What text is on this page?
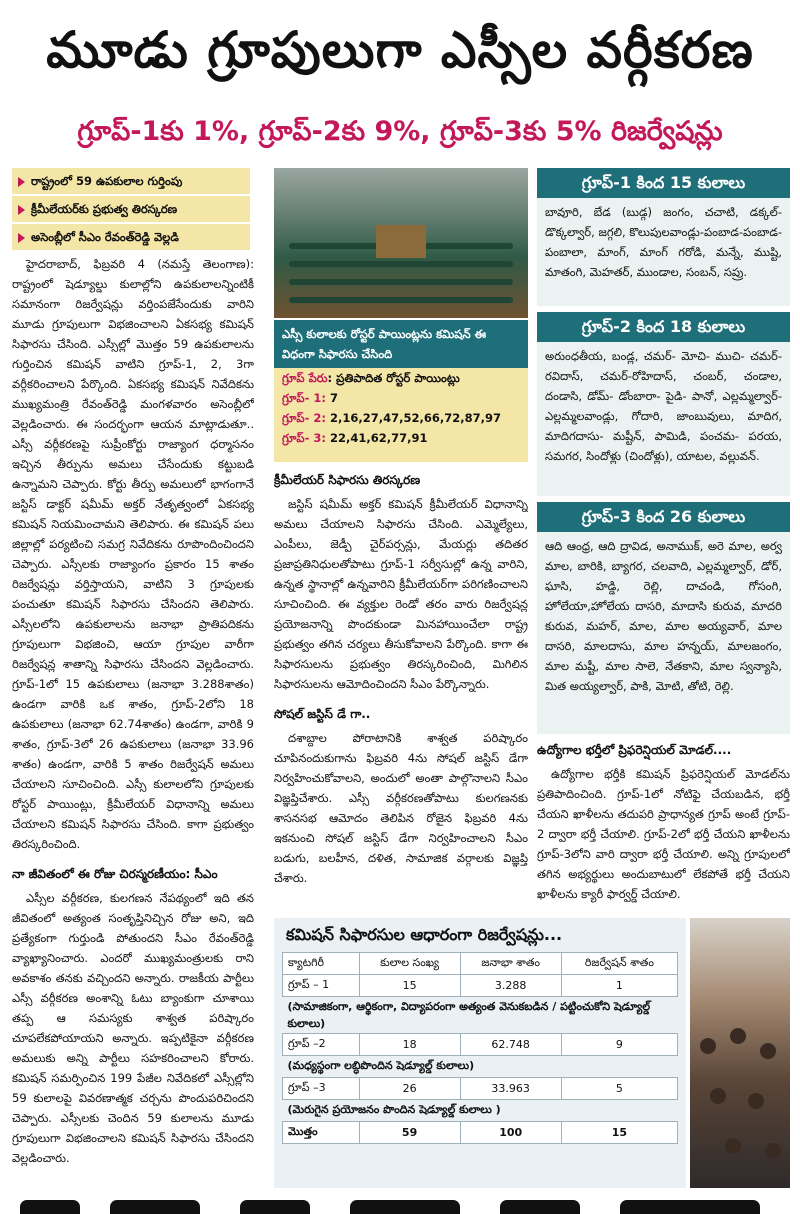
మూడు గ్రూపులుగా ఎస్సీల వర్గీకరణ
గ్రూప్-1కు 1%, గ్రూప్-2కు 9%, గ్రూప్-3కు 5% రిజర్వేషన్లు
రాష్ట్రంలో 59 ఉపకులాల గుర్తింపు
క్రీమీలేయర్‌కు ప్రభుత్వ తిరస్కరణ
అసెంబ్లీలో సీఎం రేవంత్‌రెడ్డి వెల్లడి

హైదరాబాద్, ఫిబ్రవరి 4 (నమస్తే తెలంగాణ): రాష్ట్రంలో షెడ్యూల్డు కులాల్లోని ఉపకులాలన్నింటికీ సమానంగా రిజర్వేషన్లు వర్తింపజేసేందుకు వారిని మూడు గ్రూపులుగా విభజించాలని ఏకసభ్య కమిషన్ సిఫారసు చేసింది. ఎస్సీల్లో మొత్తం 59 ఉపకులాలను గుర్తించిన కమిషన్ వాటిని గ్రూప్-1, 2, 3గా వర్గీకరించాలని పేర్కొంది. ఏకసభ్య కమిషన్ నివేదికను ముఖ్యమంత్రి రేవంత్‌రెడ్డి మంగళవారం అసెంబ్లీలో వెల్లడించారు. ఈ సందర్భంగా ఆయన మాట్లాడుతూ.. ఎస్సీ వర్గీకరణపై సుప్రీంకోర్టు రాజ్యాంగ ధర్మాసనం ఇచ్చిన తీర్పును అమలు చేసేందుకు కట్టుబడి ఉన్నామని చెప్పారు. కోర్టు తీర్పు అమలులో భాగంగానే జస్టిస్ డాక్టర్ షమీమ్ అక్తర్ నేతృత్వంలో ఏకసభ్య కమిషన్ నియమించామని తెలిపారు. ఈ కమిషన్ పలు జిల్లాల్లో పర్యటించి సమగ్ర నివేదికను రూపొందించిందని చెప్పారు. ఎస్సీలకు రాజ్యాంగం ప్రకారం 15 శాతం రిజర్వేషన్లు వర్తిస్తాయని, వాటిని 3 గ్రూపులకు పంచుతూ కమిషన్ సిఫారసు చేసిందని తెలిపారు. ఎస్సీలలోని ఉపకులాలను జనాభా ప్రాతిపదికను గ్రూపులుగా విభజించి, ఆయా గ్రూపుల వారీగా రిజర్వేషన్ల శాతాన్ని సిఫారసు చేసిందని వెల్లడించారు. గ్రూప్-1లో 15 ఉపకులాలు (జనాభా 3.288శాతం) ఉండగా వారికి ఒక శాతం, గ్రూప్-2లోని 18 ఉపకులాలు (జనాభా 62.74శాతం) ఉండగా, వారికి 9 శాతం, గ్రూప్-3లో 26 ఉపకులాలు (జనాభా 33.96 శాతం) ఉండగా, వారికి 5 శాతం రిజర్వేషన్ అమలు చేయాలని సూచించింది. ఎస్సీ కులాలలోని గ్రూపులకు రోస్టర్ పాయింట్లు, క్రీమీలేయర్ విధానాన్ని అమలు చేయాలని కమిషన్ సిఫారసు చేసింది. కాగా ప్రభుత్వం తిరస్కరించింది.

నా జీవితంలో ఈ రోజు చిరస్మరణీయం: సీఎం

ఎస్సీల వర్గీకరణ, కులగణన నేపథ్యంలో ఇది తన జీవితంలో అత్యంత సంతృప్తినిచ్చిన రోజు అని, ఇది ప్రత్యేకంగా గుర్తుండి పోతుందని సీఎం రేవంత్‌రెడ్డి వ్యాఖ్యానించారు. ఎందరో ముఖ్యమంత్రులకు రాని అవకాశం తనకు వచ్చిందని అన్నారు. రాజకీయ పార్టీలు ఎస్సీ వర్గీకరణ అంశాన్ని ఓటు బ్యాంకుగా చూశాయి తప్ప ఆ సమస్యకు శాశ్వత పరిష్కారం చూపలేకపోయాయని అన్నారు. ఇప్పటికైనా వర్గీకరణ అమలుకు అన్ని పార్టీలు సహకరించాలని కోరారు. కమిషన్ సమర్పించిన 199 పేజీల నివేదికలో ఎస్సీల్లోని 59 కులాలపై వివరణాత్మక చర్చను పొందుపరిచిందని చెప్పారు. ఎస్సీలకు చెందిన 59 కులాలను మూడు గ్రూపులుగా విభజించాలని కమిషన్ సిఫారసు చేసిందని వెల్లడించారు.

ఎస్సీ కులాలకు రోస్టర్ పాయింట్లను కమిషన్ ఈ విధంగా సిఫారసు చేసింది
గ్రూప్ పేరు: ప్రతిపాదిత రోస్టర్ పాయింట్లు
గ్రూప్- 1: 7
గ్రూప్- 2: 2,16,27,47,52,66,72,87,97
గ్రూప్- 3: 22,41,62,77,91
క్రీమీలేయర్ సిఫారసు తిరస్కరణ

జస్టిస్ షమీమ్ అక్తర్ కమిషన్ క్రీమీలేయర్ విధానాన్ని అమలు చేయాలని సిఫారసు చేసింది. ఎమ్మెల్యేలు, ఎంపీలు, జెడ్పీ చైర్‌పర్సన్లు, మేయర్లు తదితర ప్రజాప్రతినిధులతోపాటు గ్రూప్-1 సర్వీసుల్లో ఉన్న వారిని, ఉన్నత స్థానాల్లో ఉన్నవారిని క్రీమీలేయర్‌గా పరిగణించాలని సూచించింది. ఈ వ్యక్తుల రెండో తరం వారు రిజర్వేషన్ల ప్రయోజనాన్ని పొందకుండా మినహాయించేలా రాష్ట్ర ప్రభుత్వం తగిన చర్యలు తీసుకోవాలని పేర్కొంది. కాగా ఈ సిఫారసులను ప్రభుత్వం తిరస్కరించింది, మిగిలిన సిఫారసులను ఆమోదించిందని సీఎం పేర్కొన్నారు.

సోషల్ జస్టిస్ డే గా..

దశాబ్దాల పోరాటానికి శాశ్వత పరిష్కారం చూపినందుకుగాను ఫిబ్రవరి 4ను సోషల్ జస్టిస్ డేగా నిర్వహించుకోవాలని, అందులో అంతా పాల్గొనాలని సీఎం విజ్ఞప్తిచేశారు. ఎస్సీ వర్గీకరణతోపాటు కులగణనకు శాసనసభ ఆమోదం తెలిపిన రోజైన ఫిబ్రవరి 4ను ఇకనుంచి సోషల్ జస్టిస్ డేగా నిర్వహించాలని సీఎం బడుగు, బలహీన, దళిత, సామాజిక వర్గాలకు విజ్ఞప్తి చేశారు.

గ్రూప్-1 కింద 15 కులాలు
బావూరి, బేడ (బుడ్గ) జంగం, చచాటి, డక్కల్- డొక్కల్వార్, జగ్గలి, కొలుపులవాండ్లు-పంబాడ-పంబాడ-పంబాలా, మాంగ్, మాంగ్ గరోడి, మన్నే, ముష్టి, మాతంగి, మెహతర్, ముండాల, సంబన్, సప్రు.
గ్రూప్-2 కింద 18 కులాలు
అరుంధతీయ, బండ్ల, చమర్- మోచి- ముచి- చమర్-రవిదాస్, చమర్-రోహిదాస్, చంబర్, చండాల, దండాసి, డోమ్- డోంబారా- పైడి- పానో, ఎల్లమ్మల్వార్- ఎల్లమ్మలవాండ్లు, గోదారి, జాంబువులు, మాదిగ, మాదిగదాసు- మష్టీన్, పామిడి, పంచమ- పరయ, సమగర, సిందోళ్లు (చిందోళ్లు), యాటల, వల్లువన్.
గ్రూప్-3 కింద 26 కులాలు
ఆది ఆంధ్ర, ఆది ద్రావిడ, అనాముక్, అరె మాల, అర్వ మాల, బారికి, బ్యాగర, చలవాది, ఎల్లమ్మల్వార్, డోర్, ఘాసి, హడ్డి, రెల్లి, దాచండి, గోసంగి, హోలేయా,హోలేయ దాసరి, మాదాసి కురువ, మాదరి కురువ, మహర్, మాల, మాల అయ్యవార్, మాల దాసరి, మాలదాసు, మాల హన్నయ్, మాలజంగం, మాల మష్టీ, మాల సాలె, నేతకాని, మాల స్వన్యాసి, మిత అయ్యల్వార్, పాకి, మోటి, తోటి, రెల్లి.
ఉద్యోగాల భర్తీలో ప్రిఫరెన్షియల్ మోడల్....

ఉద్యోగాల భర్తీకి కమిషన్ ప్రిఫరెన్షియల్ మోడల్‌ను ప్రతిపాదించింది. గ్రూప్-1లో నోటిఫై చేయబడిన, భర్తీ చేయని ఖాళీలను తదుపరి ప్రాధాన్యత గ్రూప్ అంటే గ్రూప్- 2 ద్వారా భర్తీ చేయాలి. గ్రూప్-2లో భర్తీ చేయని ఖాళీలను గ్రూప్-3లోని వారి ద్వారా భర్తీ చేయాలి. అన్ని గ్రూపులలో తగిన అభ్యర్థులు అందుబాటులో లేకపోతే భర్తీ చేయని ఖాళీలను క్యారీ ఫార్వర్డ్ చేయాలి.

కమిషన్ సిఫారసుల ఆధారంగా రిజర్వేషన్లు...
క్యాటగిరీ	కులాల సంఖ్య	జనాభా శాతం	రిజర్వేషన్ శాతం
గ్రూప్ – 1	15	3.288	1
(సామాజికంగా, ఆర్థికంగా, విద్యాపరంగా అత్యంత వెనుకబడిన / పట్టించుకోని షెడ్యూల్డ్ కులాలు)			
గ్రూప్ –2	18	62.748	9
(మధ్యస్థంగా లబ్ధిపొందిన షెడ్యూల్డ్ కులాలు)			
గ్రూప్ –3	26	33.963	5
(మెరుగైన ప్రయోజనం పొందిన షెడ్యూల్డ్ కులాలు )			
మొత్తం	59	100	15
